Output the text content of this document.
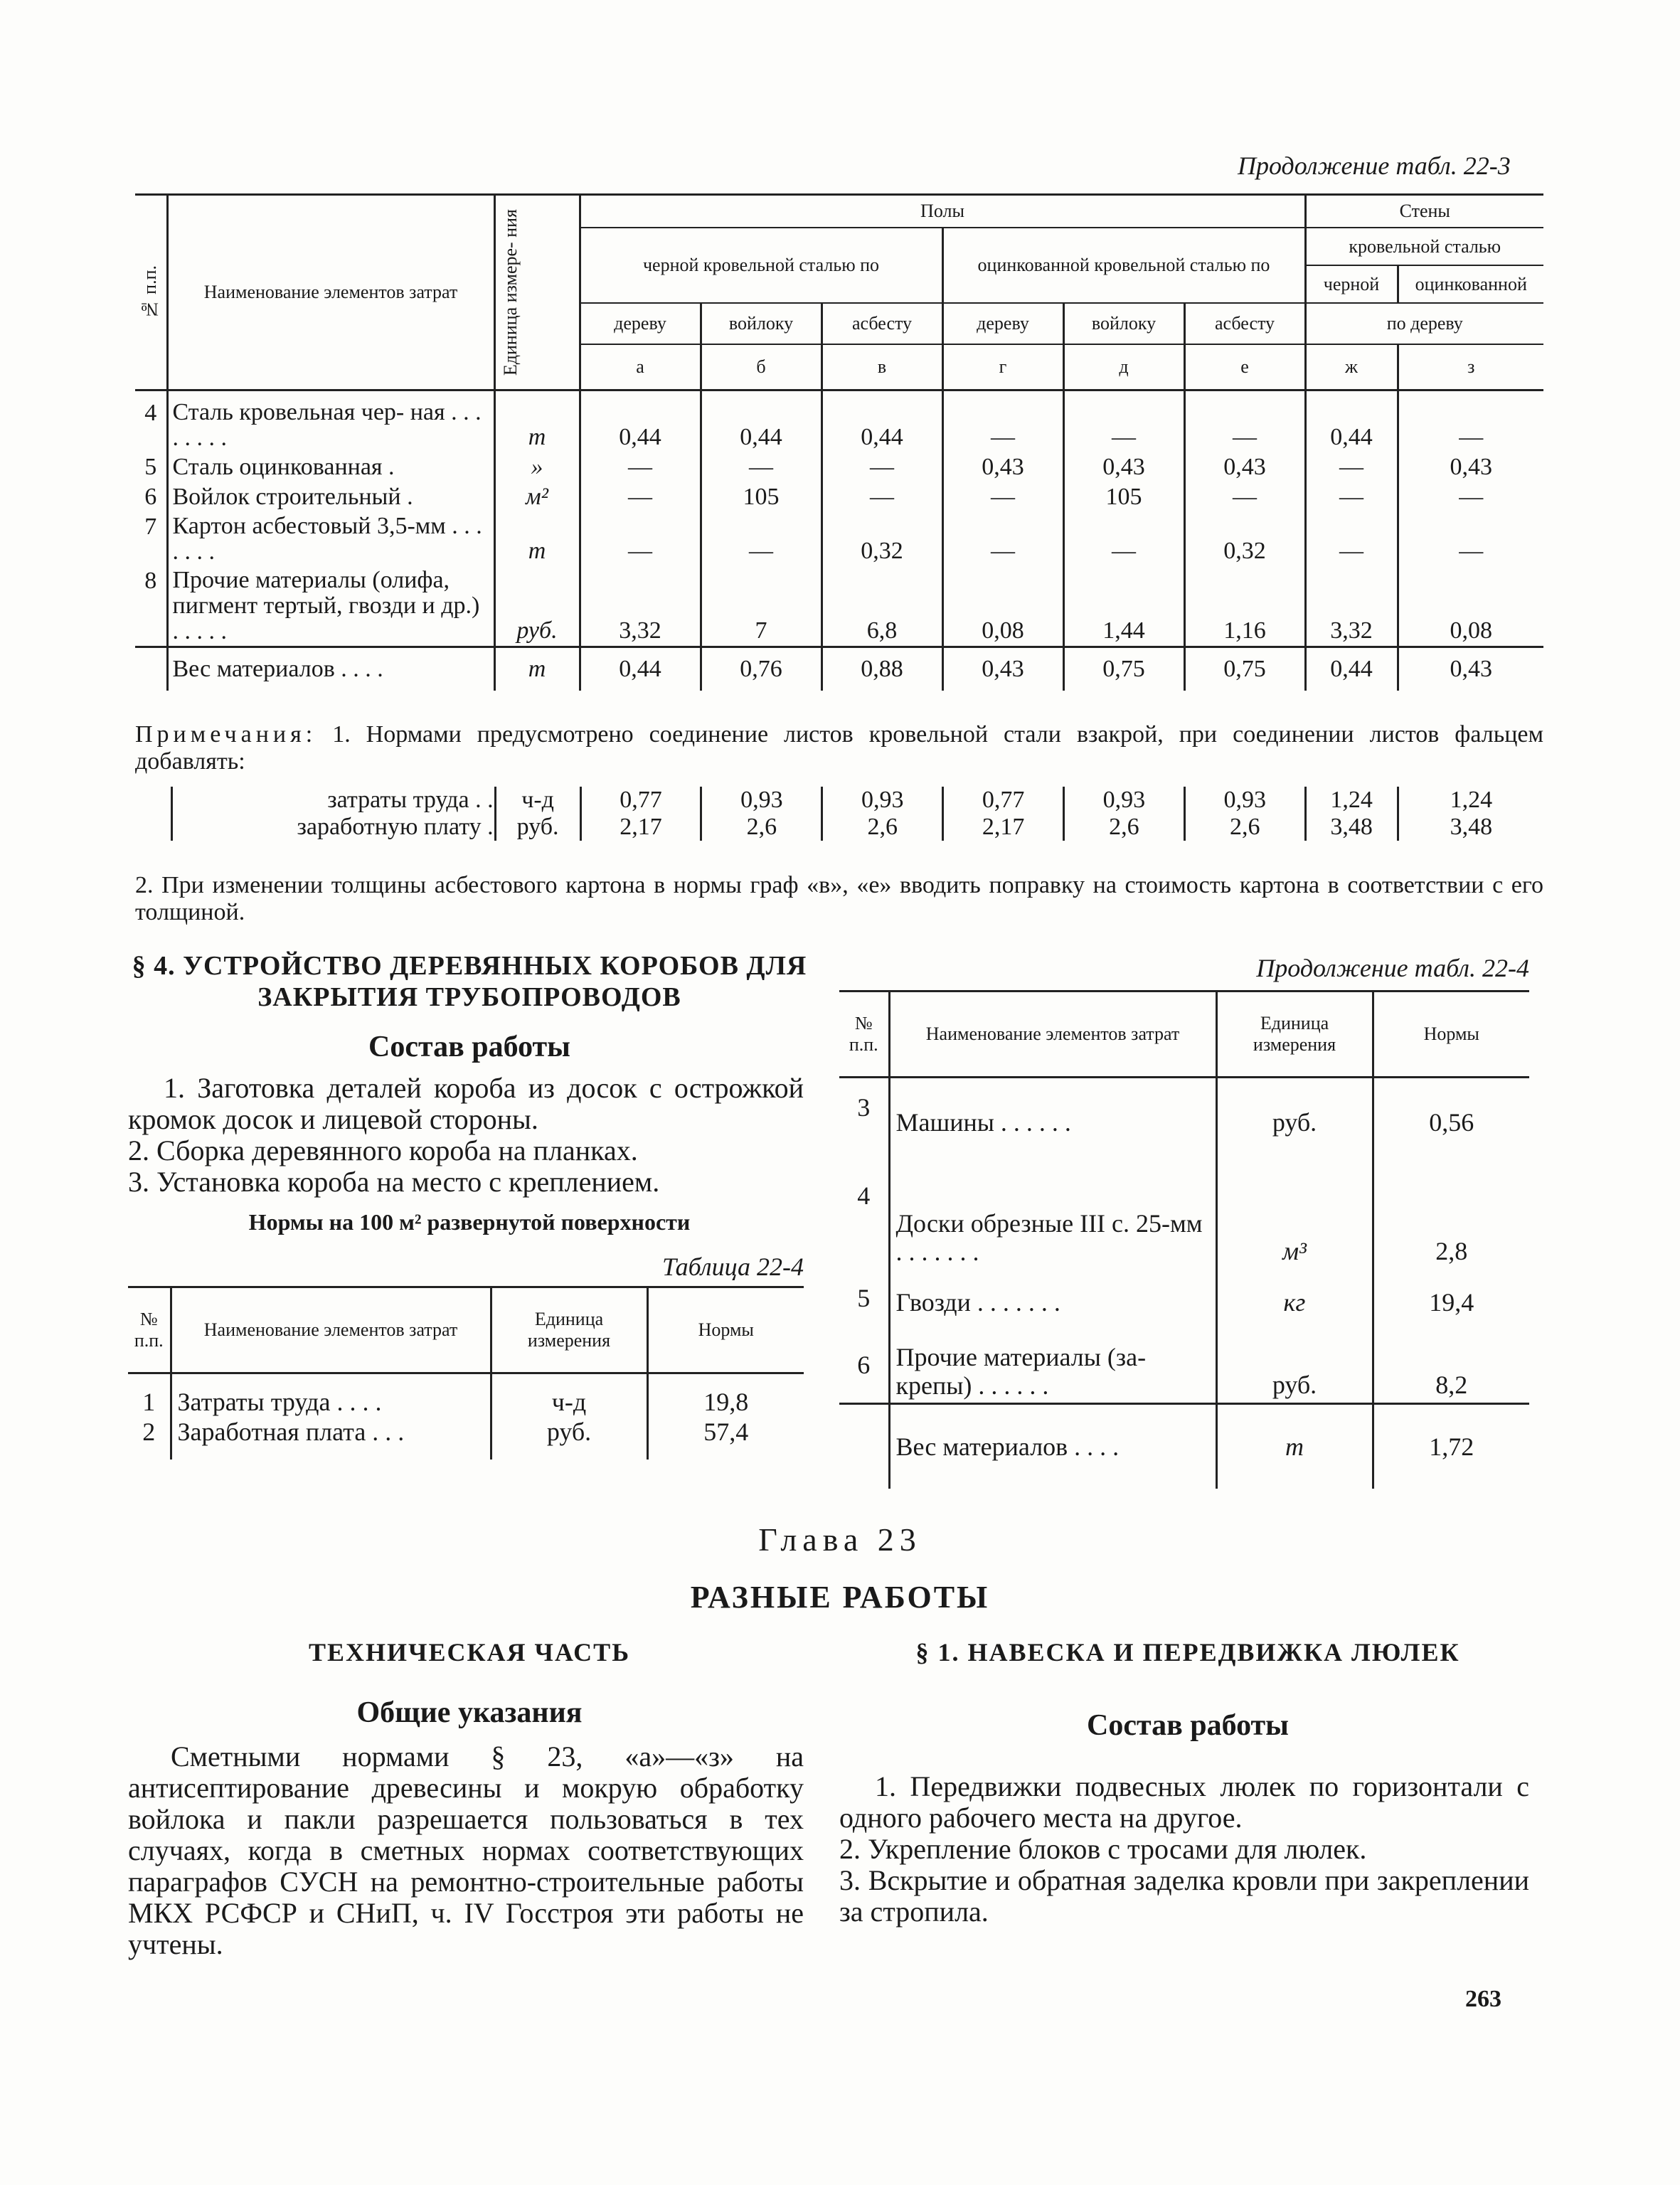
Продолжение табл. 22-3
№ п.п.	Наименование элементов затрат	Единица измере- ния	Полы						Стены	
			черной кровельной сталью по			оцинкованной кровельной сталью по			кровельной сталью	
									черной	оцинкованной
			дереву	войлоку	асбесту	дереву	войлоку	асбесту	по дереву	
			а	б	в	г	д	е	ж	з
4	Сталь кровельная чер- ная . . . . . . . .	т	0,44	0,44	0,44	—	—	—	0,44	—
5	Сталь оцинкованная .	»	—	—	—	0,43	0,43	0,43	—	0,43
6	Войлок строительный .	м²	—	105	—	—	105	—	—	—
7	Картон асбестовый 3,5-мм . . . . . . .	т	—	—	0,32	—	—	0,32	—	—
8	Прочие материалы (олифа, пигмент тертый, гвозди и др.) . . . . .	руб.	3,32	7	6,8	0,08	1,44	1,16	3,32	0,08
	Вес материалов . . . .	т	0,44	0,76	0,88	0,43	0,75	0,75	0,44	0,43
Примечания: 1. Нормами предусмотрено соединение листов кровельной стали взакрой, при соединении листов фальцем добавлять:
затраты труда . .	ч-д	0,77	0,93	0,93	0,77	0,93	0,93	1,24	1,24
заработную плату .	руб.	2,17	2,6	2,6	2,17	2,6	2,6	3,48	3,48
2. При изменении толщины асбестового картона в нормы граф «в», «е» вводить поправку на стоимость картона в соответствии с его толщиной.
§ 4. УСТРОЙСТВО ДЕРЕВЯННЫХ КОРОБОВ ДЛЯ ЗАКРЫТИЯ ТРУБОПРОВОДОВ
Состав работы
1. Заготовка деталей короба из досок с острожкой кромок досок и лицевой стороны.
2. Сборка деревянного короба на планках.
3. Установка короба на место с креплением.
Нормы на 100 м² развернутой поверхности
Таблица 22-4
№ п.п.	Наименование элементов затрат	Единица измерения	Нормы
1	Затраты труда . . . .	ч-д	19,8
2	Заработная плата . . .	руб.	57,4
Продолжение табл. 22-4
№ п.п.	Наименование элементов затрат	Единица измерения	Нормы
3	Машины . . . . . .	руб.	0,56
4	Доски обрезные III с. 25-мм . . . . . . .	м³	2,8
5	Гвозди . . . . . . .	кг	19,4
6	Прочие материалы (за- крепы) . . . . . .	руб.	8,2
	Вес материалов . . . .	т	1,72
Глава 23
РАЗНЫЕ РАБОТЫ
ТЕХНИЧЕСКАЯ ЧАСТЬ
Общие указания
Сметными нормами § 23, «а»—«з» на антисептирование древесины и мокрую обработку войлока и пакли разрешается пользоваться в тех случаях, когда в сметных нормах соответствующих параграфов СУСН на ремонтно-строительные работы МКХ РСФСР и СНиП, ч. IV Госстроя эти работы не учтены.
§ 1. НАВЕСКА И ПЕРЕДВИЖКА ЛЮЛЕК
Состав работы
1. Передвижки подвесных люлек по горизонтали с одного рабочего места на другое.
2. Укрепление блоков с тросами для люлек.
3. Вскрытие и обратная заделка кровли при закреплении за стропила.
263
